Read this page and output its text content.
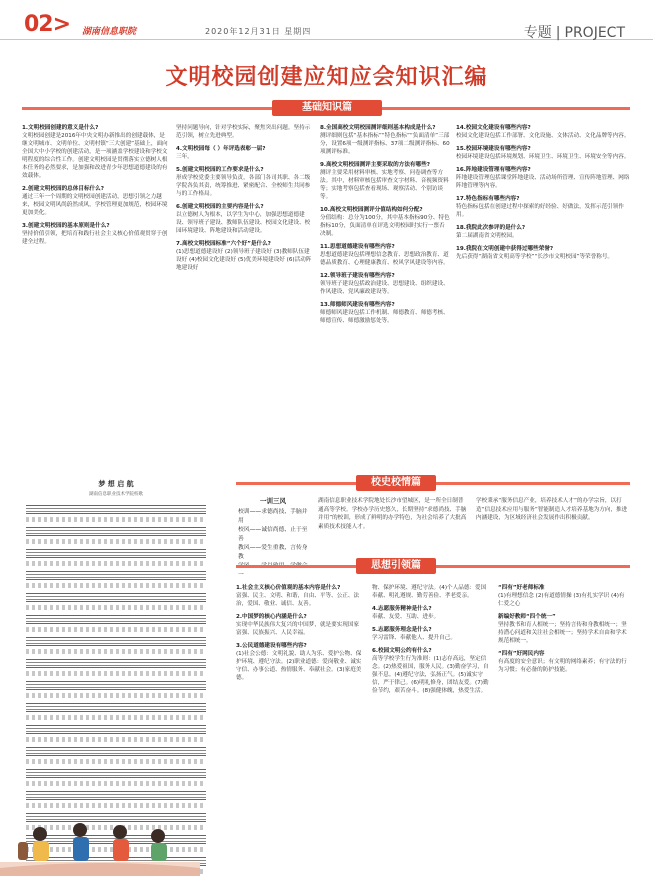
02> 湖南信息职院	2020年12月31日 星期四	专题 | PROJECT
文明校园创建应知应会知识汇编
基础知识篇
1.文明校园创建的意义是什么?
文明校园创建是2016年中央文明办新推出的创建载体，是继文明城市、文明单位、文明村镇“三大创建”基础上，面向全国大中小学校的创建活动，是一项涵盖学校建设和学校文明程度的综合性工作。创建文明校园是贯彻落实立德树人根本任务的必然要求，是加强和改进青少年思想道德建设的有效载体。
2.创建文明校园的总体目标什么?
通过三年一个周期的文明校园创建活动，思想引领之力越来，校园文明风尚蔚然成风，学校管理更加规范，校园环境更加美化。
3.创建文明校园的基本原则是什么?
坚持价值引领，把培育和践行社会主义核心价值观贯穿于创建全过程。
坚持问题导向，针对学校实际，聚焦突出问题。坚持示范引领，树立先进典型。
4.文明校园每（ ）年评选表彰一届?
三年。
5.创建文明校园的工作要求是什么?
形成学校党委主要领导负责，各部门各司其职、各二级学院各负其责，统筹推进、紧密配合、全校师生共同参与的工作格局。
6.创建文明校园的主要内容是什么?
以立德树人为根本，以学生为中心，加强思想道德建设、领导班子建设、教师队伍建设、校园文化建设、校园环境建设、阵地建设和活动建设。
7.高校文明校园标准“六个好”是什么?
(1)思想道德建设好 (2)领导班子建设好 (3)教师队伍建设好 (4)校园文化建设好 (5)优美环境建设好 (6)活动阵地建设好
8.全国高校文明校园测评细则基本构成是什么?
测评细则包括“基本指标”“特色指标”“负面清单”三部分，设置6项一级测评指标、37项二级测评指标、60项测评标准。
9.高校文明校园测评主要采取的方法有哪些?
测评主要采用材料审核、实地考察、问卷调查等方法。其中，材料审核包括审查文字材料、音视频资料等；实地考察包括查看现场、观察活动、个别访谈等。
10.高校文明校园测评分值结构如何分配?
分值结构：总分为100分，其中基本指标90分、特色指标10分，负面清单在评选文明校园时实行一票否决制。
11.思想道德建设有哪些内容?
思想道德建设包括理想信念教育、思想政治教育、道德品质教育、心理健康教育、校风学风建设等内容。
12.领导班子建设有哪些内容?
领导班子建设包括政治建设、思想建设、组织建设、作风建设、党风廉政建设等。
13.师德师风建设有哪些内容?
师德师风建设包括工作机制、师德教育、师德考核、师德宣传、师德激励惩处等。
14.校园文化建设有哪些内容?
校园文化建设包括工作部署、文化设施、文体活动、文化品牌等内容。
15.校园环境建设有哪些内容?
校园环境建设包括环境规划、环境卫生、环境卫生、环境安全等内容。
16.阵地建设管理有哪些内容?
阵地建设管理包括课堂阵地建设、活动场所管理、宣传阵地管理、网络阵地管理等内容。
17.特色指标有哪些内容?
特色指标包括在创建过程中探索的好经验、好做法，发挥示范引领作用。
18.我院此次参评的是什么?
第二届湖南省文明校园。
19.我院在文明创建中获得过哪些荣誉?
先后获得“湖南省文明高等学校”“长沙市文明校园”等荣誉称号。
梦 想 启 航
湖南信息职业技术学院校歌
校史校情篇
一训三风
校训——求德尚技、手脑并用
校风——诚信尚德、止于至善
教风——爱生重教、言传身教
一
湖南信息职业技术学院地处长沙市望城区，是一所全日制普通高等学校。学校办学历史悠久，长期坚持“求德尚技、手脑并用”的校训，形成了鲜明的办学特色，为社会培养了大批高素质技术技能人才。
学校秉承“服务信息产业，培养技术人才”的办学宗旨，以打造“信息技术应用与服务”智能制造人才培养基地为方向，推进内涵建设，为区域经济社会发展作出积极贡献。
思想引领篇
1.社会主义核心价值观的基本内容是什么?
富强、民主、文明、和谐，自由、平等、公正、法治，爱国、敬业、诚信、友善。
2.中国梦的核心内涵是什么?
实现中华民族伟大复兴的中国梦，就是要实现国家富强、民族振兴、人民幸福。
3.公民道德建设有哪些内容?
(1)社会公德：文明礼貌、助人为乐、爱护公物、保护环境、遵纪守法。(2)职业道德：爱岗敬业、诚实守信、办事公道、热情服务、奉献社会。(3)家庭美德。
物、保护环境、遵纪守法。(4)个人品德：爱国奉献、明礼遵规、勤劳善俭、孝老爱亲。
4.志愿服务精神是什么?
奉献、友爱、互助、进步。
5.志愿服务理念是什么?
学习雷锋、奉献他人、提升自己。
6.校园文明公约有什么?
高等学校学生行为准则：(1)志存高远，坚定信念。(2)热爱祖国，服务人民。(3)勤奋学习，自强不息。(4)遵纪守法，弘扬正气。(5)诚实守信，严于律己。(6)明礼修身，团结友爱。(7)勤俭节约，艰苦奋斗。(8)强健体魄，热爱生活。
“四有”好老师标准
(1)有理想信念 (2)有道德情操 (3)有扎实学识 (4)有仁爱之心
新编好教师“四个统一”
坚持教书和育人相统一；坚持言传和身教相统一；坚持潜心问道和关注社会相统一；坚持学术自由和学术规范相统一。
“四有”好网民内容
有高度的安全意识；有文明的网络素养；有守法的行为习惯；有必备的防护技能。
